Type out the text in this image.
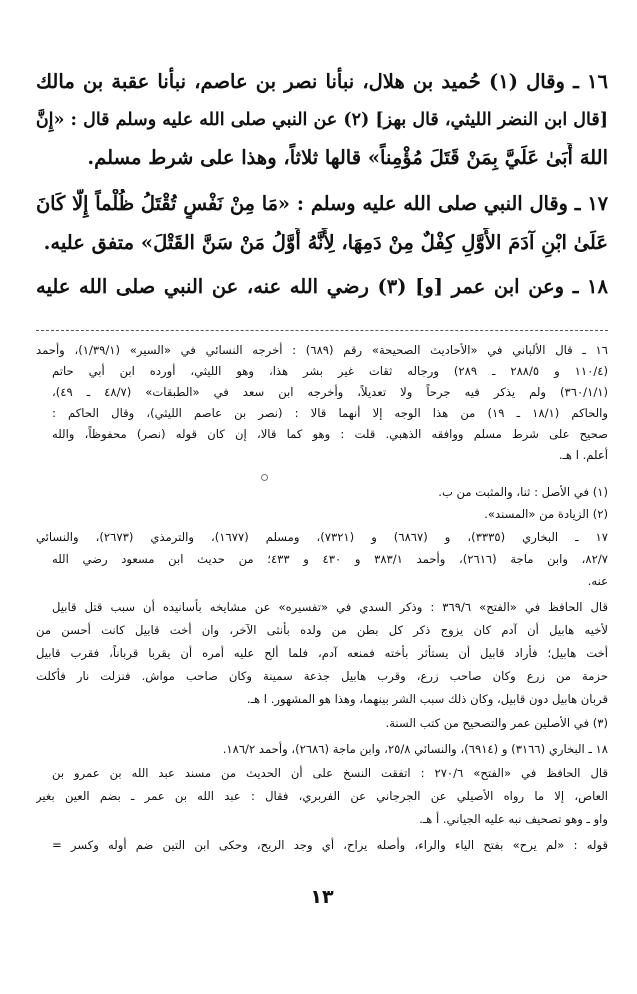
١٦ ـ وقال (١) حُميد بن هلال، نبأنا نصر بن عاصم، نبأنا عقبة بن مالك
[قال ابن النضر الليثي، قال بهز] (٢) عن النبي صلى الله عليه وسلم قال : «إِنَّ
اللهَ أَبَىٰ عَلَيَّ بِمَنْ قَتَلَ مُؤْمِناً» قالها ثلاثاً، وهذا على شرط مسلم.
١٧ ـ وقال النبي صلى الله عليه وسلم : «مَا مِنْ نَفْسٍ تُقْتَلُ ظُلْماً إِلَّا كَانَ
عَلَىٰ ابْنِ آدَمَ الأَوَّلِ كِفْلٌ مِنْ دَمِهَا، لِأَنَّهُ أَوَّلُ مَنْ سَنَّ القَتْلَ» متفق عليه.
١٨ ـ وعن ابن عمر [و] (٣) رضي الله عنه، عن النبي صلى الله عليه
١٦ ـ قال الألباني في «الأحاديث الصحيحة» رقم (٦٨٩) : أخرجه النسائي في «السير» (١/٣٩/١)، وأحمد
(١١٠/٤ و ٢٨٨/٥ ـ ٢٨٩) ورجاله ثقات غير بشر هذا، وهو الليثي، أورده ابن أبي حاتم
(٣٦٠/١/١) ولم يذكر فيه جرحاً ولا تعديلاً، وأخرجه ابن سعد في «الطبقات» (٤٨/٧ ـ ٤٩)،
والحاكم (١٨/١ ـ ١٩) من هذا الوجه إلا أنهما قالا : (نصر بن عاصم الليثي)، وقال الحاكم :
صحيح على شرط مسلم ووافقه الذهبي. قلت : وهو كما قالا، إن كان قوله (نصر) محفوظاً، والله
أعلم. ا هـ.
(١) في الأصل : ثنا، والمثبت من ب.
(٢) الزيادة من «المسند».
١٧ ـ البخاري (٣٣٣٥)، و (٦٨٦٧) و (٧٣٢١)، ومسلم (١٦٧٧)، والترمذي (٢٦٧٣)، والنسائي
٨٢/٧، وابن ماجة (٢٦١٦)، وأحمد ٣٨٣/١ و ٤٣٠ و ٤٣٣؛ من حديث ابن مسعود رضي الله
عنه.
قال الحافظ في «الفتح» ٣٦٩/٦ : وذكر السدي في «تفسيره» عن مشايخه بأسانيده أن سبب قتل قابيل
لأخيه هابيل أن آدم كان يزوج ذكر كل بطن من ولده بأنثى الآخر، وان أخت قابيل كانت أحسن من
أخت هابيل؛ فأراد قابيل أن يستأثر بأخته فمنعه آدم، فلما ألح عليه أمره أن يقربا قرباناً، فقرب قابيل
حزمة من زرع وكان صاحب زرع، وقرب هابيل جذعة سمينة وكان صاحب مواش. فنزلت نار فأكلت
قربان هابيل دون قابيل، وكان ذلك سبب الشر بينهما، وهذا هو المشهور. ا هـ.
(٣) في الأصلين عمر والتصحيح من كتب السنة.
١٨ ـ البخاري (٣١٦٦) و (٦٩١٤)، والنسائي ٢٥/٨، وابن ماجة (٢٦٨٦)، وأحمد ١٨٦/٢.
قال الحافظ في «الفتح» ٢٧٠/٦ : اتفقت النسخ على أن الحديث من مسند عبد الله بن عمرو بن
العاص، إلا ما رواه الأصيلي عن الجرجاني عن الفربري، فقال : عبد الله بن عمر ـ بضم العين بغير
واو ـ وهو تصحيف نبه عليه الجياني. أ هـ.
قوله : «لم يرح» بفتح الياء والراء، وأصله يراح، أي وجد الريح، وحكى ابن التين ضم أوله وكسر =
١٣
